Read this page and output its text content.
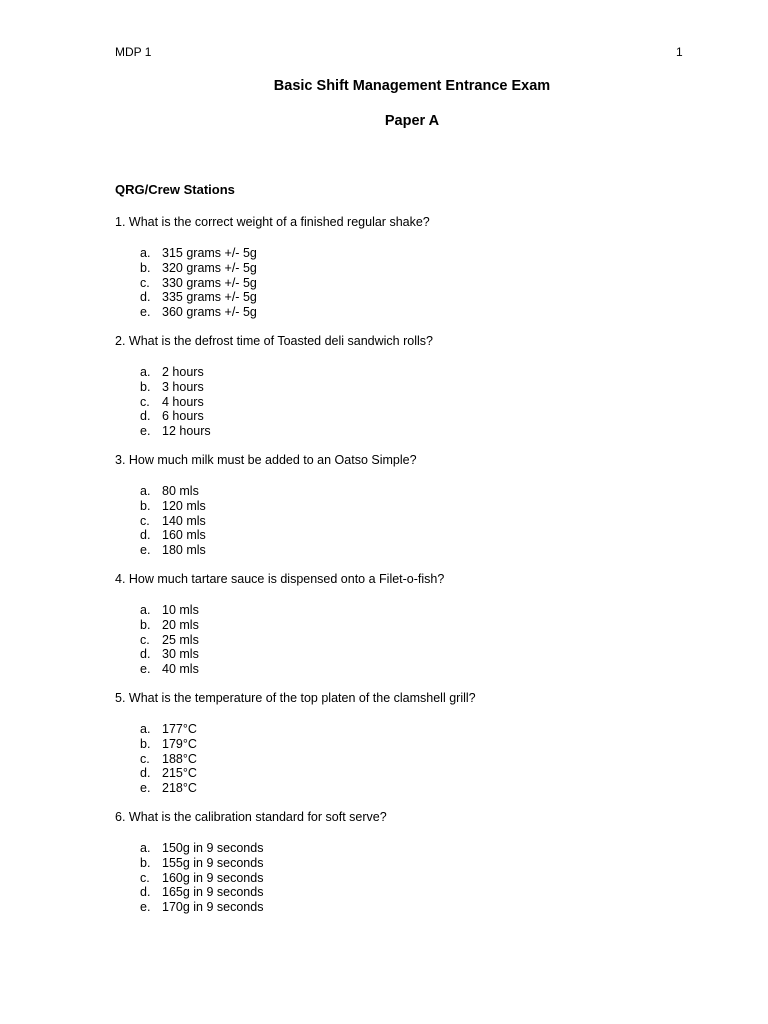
MDP 1	1
Basic Shift Management Entrance Exam
Paper A
QRG/Crew Stations
1. What is the correct weight of a finished regular shake?
a. 315 grams +/- 5g
b. 320 grams +/- 5g
c. 330 grams +/- 5g
d. 335 grams +/- 5g
e. 360 grams +/- 5g
2. What is the defrost time of Toasted deli sandwich rolls?
a. 2 hours
b. 3 hours
c. 4 hours
d. 6 hours
e. 12 hours
3. How much milk must be added to an Oatso Simple?
a. 80 mls
b. 120 mls
c. 140 mls
d. 160 mls
e. 180 mls
4. How much tartare sauce is dispensed onto a Filet-o-fish?
a. 10 mls
b. 20 mls
c. 25 mls
d. 30 mls
e. 40 mls
5. What is the temperature of the top platen of the clamshell grill?
a. 177°C
b. 179°C
c. 188°C
d. 215°C
e. 218°C
6. What is the calibration standard for soft serve?
a. 150g in 9 seconds
b. 155g in 9 seconds
c. 160g in 9 seconds
d. 165g in 9 seconds
e. 170g in 9 seconds
